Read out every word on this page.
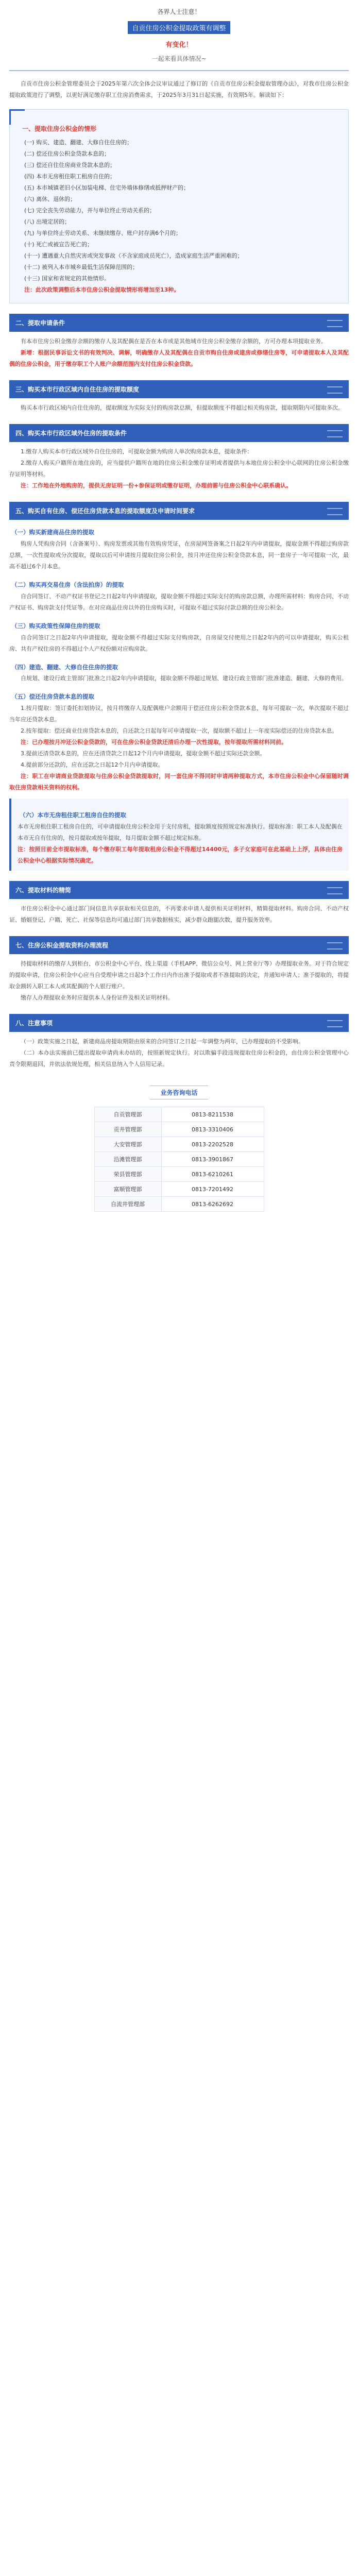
各界人士注意！
自贡住房公积金提取政策有调整
有变化！
一起来看具体情况~
自贡市住房公积金管理委员会于2025年第六次全体会议审议通过了修订的《自贡市住房公积金提取管理办法》，对我市住房公积金提取政策进行了调整，以更好满足缴存职工住房消费需求，于2025年3月31日起实施，有效期5年。解读如下：
一、提取住房公积金的情形
(一) 购买、建造、翻建、大修自住住房的；
(二) 偿还住房公积金贷款本息的；
(三) 偿还自住住房商业贷款本息的；
(四) 本市无房租住职工租房自住的；
(五) 本市城镇老旧小区加装电梯、住宅外墙体修缮或抵押财产的；
(六) 离休、退休的；
(七) 完全丧失劳动能力，并与单位终止劳动关系的；
(八) 出境定居的；
(九) 与单位终止劳动关系、未继续缴存、账户封存满6个月的；
(十) 死亡或被宣告死亡的；
(十一) 遭遇重大自然灾害或突发事故（不含家庭成员死亡），造成家庭生活严重困难的；
(十二) 被列入本市城乡最低生活保障范围的；
(十三) 国家和省规定的其他情形。
注：此次政策调整后本市住房公积金提取情形将增加至13种。
二、提取申请条件
有本市住房公积金缴存余额的缴存人及其配偶在是否在本市或是其他城市住房公积金缴存余额的，方可办理本项提取业务。
新增：根据民事诉讼文书的有效判决、调解，明确缴存人及其配偶在自贡市购自住房或建房或修缮住房等，可申请提取本人及其配偶的住房公积金，用于缴存职工个人账户余额范围内支付住房公积金贷款。
三、购买本市行政区域内自住住房的提取额度
购买本市行政区域内自住住房的，提取额度为实际支付的购房款总额，但提取额度不得超过相关购房款，提取期限内可提取多次。
四、购买本市行政区域外住房的提取条件
1.缴存人购买本市行政区域外自住住房的，可提取金额为购房人单次购房款本息，提取条件：
2.缴存人购买户籍所在地住房的，应当提供户籍所在地的住房公积金缴存证明或者提供与本地住房公积金中心联网的住房公积金缴存证明等材料。
注：工作地在外地购房的，提供无房证明一份+参保证明或缴存证明，办理前需与住房公积金中心联系确认。
五、购买自有住房、偿还住房贷款本息的提取额度及申请时间要求
（一）购买新建商品住房的提取
购房人凭购房合同（含备案号）、购房发票或其他有效购房凭证，在房屋网签备案之日起2年内申请提取，提取金额不得超过购房款总额，一次性提取或分次提取，提取以后可申请按月提取住房公积金，按月冲还住房公积金贷款本息，同一套房子一年可提取一次，最高不超过6个月本息。
（二）购买再交易住房（含法拍房）的提取
自合同签订、不动产权证书登记之日起2年内申请提取，提取金额不得超过实际支付的购房款总额，办理所需材料：购房合同、不动产权证书、购房款支付凭证等。在对应商品住房以外的住房购买时，可提取不超过实际付款总额的住房公积金。
（三）购买政策性保障住房的提取
自合同签订之日起2年内申请提取，提取金额不得超过实际支付购房款，自房屋交付使用之日起2年内的可以申请提取，购买公租房、共有产权住房的不得超过个人产权份额对应购房款。
（四）建造、翻建、大修自住住房的提取
自规划、建设行政主管部门批准之日起2年内申请提取，提取金额不得超过规划、建设行政主管部门批准建造、翻建、大修的费用。
（五）偿还住房贷款本息的提取
1.按月提取：签订委托扣划协议，按月将缴存人及配偶账户余额用于偿还住房公积金贷款本息，每年可提取一次，单次提取不超过当年应还贷款本息。
2.按年提取：偿还商业住房贷款本息的，自还款之日起每年可申请提取一次，提取额不超过上一年度实际偿还的住房贷款本息。
注：已办理按月冲还公积金贷款的，可在住房公积金贷款还清后办理一次性提取，按年提取所需材料同前。
3.提前还清贷款本息的，应在还清贷款之日起12个月内申请提取，提取金额不超过实际还款金额。
4.提前部分还款的，应在还款之日起12个月内申请提取。
注：职工在申请商业贷款提取与住房公积金贷款提取时，同一套住房不得同时申请两种提取方式，本市住房公积金中心保留随时调取住房贷款相关资料的权利。
（六）本市无房租住职工租房自住的提取
本市无房租住职工租房自住的，可申请提取住房公积金用于支付房租，提取额度按照规定标准执行。提取标准：职工本人及配偶在本市无自有住房的，按月提取或按年提取，每月提取金额不超过规定标准。
注：按照目前全市提取标准，每个缴存职工每年提取租房公积金不得超过14400元，多子女家庭可在此基础上上浮，具体由住房公积金中心根据实际情况确定。
六、提取材料的精简
市住房公积金中心通过部门间信息共享获取相关信息的，不再要求申请人提供相关证明材料，精简提取材料。购房合同、不动产权证、婚姻登记、户籍、死亡、社保等信息均可通过部门共享数据核实，减少群众跑腿次数，提升服务效率。
七、住房公积金提取资料办理流程
持提取材料的缴存人到柜台、市公积金中心平台、线上渠道（手机APP、微信公众号、网上营业厅等）办理提取业务。对于符合规定的提取申请，住房公积金中心应当自受理申请之日起3个工作日内作出准予提取或者不准提取的决定，并通知申请人；准予提取的，将提取金额转入职工本人或其配偶的个人银行账户。
缴存人办理提取业务时应提供本人身份证件及相关证明材料。
八、注意事项
（一）政策实施之日起，新建商品房提取期限由原来的合同签订之日起一年调整为两年，已办理提取的不受影响。
（二）本办法实施前已提出提取申请尚未办结的，按照新规定执行。对以欺骗手段违规提取住房公积金的，由住房公积金管理中心责令限期退回，并依法依规处理，相关信息纳入个人信用记录。
业务咨询电话
自贡管理部	0813-8211538
贡井管理部	0813-3310406
大安管理部	0813-2202528
沿滩管理部	0813-3901867
荣县管理部	0813-6210261
富顺管理部	0813-7201492
自流井管理部	0813-6262692
